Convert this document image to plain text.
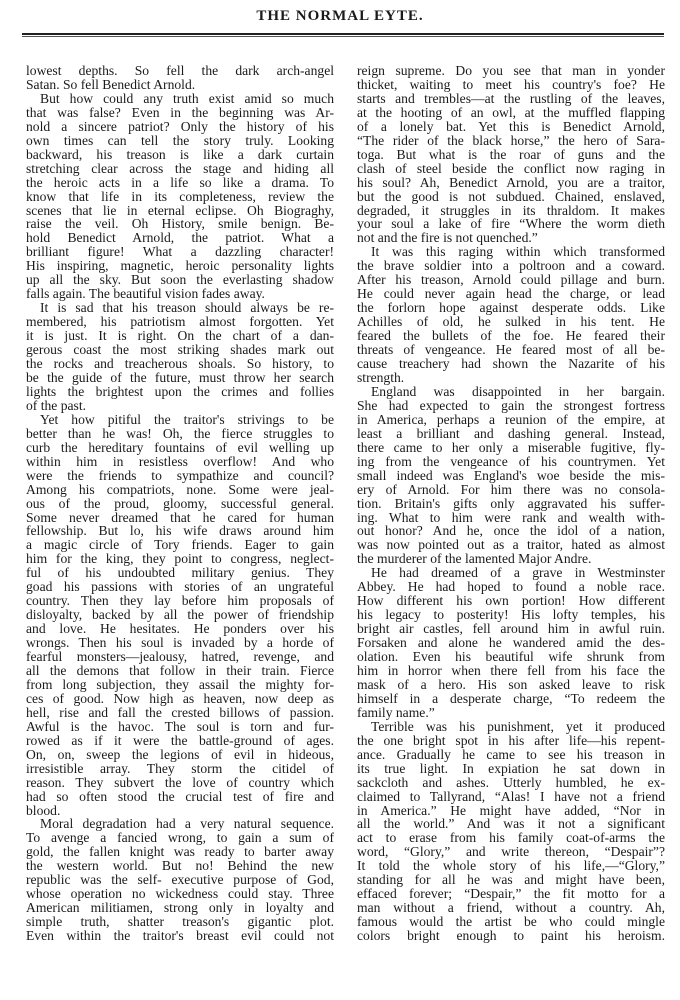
THE NORMAL EYTE.
lowest depths. So fell the dark arch-angel
Satan. So fell Benedict Arnold.
But how could any truth exist amid so much
that was false? Even in the beginning was Ar-
nold a sincere patriot? Only the history of his
own times can tell the story truly. Looking
backward, his treason is like a dark curtain
stretching clear across the stage and hiding all
the heroic acts in a life so like a drama. To
know that life in its completeness, review the
scenes that lie in eternal eclipse. Oh Biograghy,
raise the veil. Oh History, smile benign. Be-
hold Benedict Arnold, the patriot. What a
brilliant figure! What a dazzling character!
His inspiring, magnetic, heroic personality lights
up all the sky. But soon the everlasting shadow
falls again. The beautiful vision fades away.
It is sad that his treason should always be re-
membered, his patriotism almost forgotten. Yet
it is just. It is right. On the chart of a dan-
gerous coast the most striking shades mark out
the rocks and treacherous shoals. So history, to
be the guide of the future, must throw her search
lights the brightest upon the crimes and follies
of the past.
Yet how pitiful the traitor's strivings to be
better than he was! Oh, the fierce struggles to
curb the hereditary fountains of evil welling up
within him in resistless overflow! And who
were the friends to sympathize and council?
Among his compatriots, none. Some were jeal-
ous of the proud, gloomy, successful general.
Some never dreamed that he cared for human
fellowship. But lo, his wife draws around him
a magic circle of Tory friends. Eager to gain
him for the king, they point to congress, neglect-
ful of his undoubted military genius. They
goad his passions with stories of an ungrateful
country. Then they lay before him proposals of
disloyalty, backed by all the power of friendship
and love. He hesitates. He ponders over his
wrongs. Then his soul is invaded by a horde of
fearful monsters—jealousy, hatred, revenge, and
all the demons that follow in their train. Fierce
from long subjection, they assail the mighty for-
ces of good. Now high as heaven, now deep as
hell, rise and fall the crested billows of passion.
Awful is the havoc. The soul is torn and fur-
rowed as if it were the battle-ground of ages.
On, on, sweep the legions of evil in hideous,
irresistible array. They storm the citidel of
reason. They subvert the love of country which
had so often stood the crucial test of fire and
blood.
Moral degradation had a very natural sequence.
To avenge a fancied wrong, to gain a sum of
gold, the fallen knight was ready to barter away
the western world. But no! Behind the new
republic was the self- executive purpose of God,
whose operation no wickedness could stay. Three
American militiamen, strong only in loyalty and
simple truth, shatter treason's gigantic plot.
Even within the traitor's breast evil could not
reign supreme. Do you see that man in yonder
thicket, waiting to meet his country's foe? He
starts and trembles—at the rustling of the leaves,
at the hooting of an owl, at the muffled flapping
of a lonely bat. Yet this is Benedict Arnold,
“The rider of the black horse,” the hero of Sara-
toga. But what is the roar of guns and the
clash of steel beside the conflict now raging in
his soul? Ah, Benedict Arnold, you are a traitor,
but the good is not subdued. Chained, enslaved,
degraded, it struggles in its thraldom. It makes
your soul a lake of fire “Where the worm dieth
not and the fire is not quenched.”
It was this raging within which transformed
the brave soldier into a poltroon and a coward.
After his treason, Arnold could pillage and burn.
He could never again head the charge, or lead
the forlorn hope against desperate odds. Like
Achilles of old, he sulked in his tent. He
feared the bullets of the foe. He feared their
threats of vengeance. He feared most of all be-
cause treachery had shown the Nazarite of his
strength.
England was disappointed in her bargain.
She had expected to gain the strongest fortress
in America, perhaps a reunion of the empire, at
least a brilliant and dashing general. Instead,
there came to her only a miserable fugitive, fly-
ing from the vengeance of his countrymen. Yet
small indeed was England's woe beside the mis-
ery of Arnold. For him there was no consola-
tion. Britain's gifts only aggravated his suffer-
ing. What to him were rank and wealth with-
out honor? And he, once the idol of a nation,
was now pointed out as a traitor, hated as almost
the murderer of the lamented Major Andre.
He had dreamed of a grave in Westminster
Abbey. He had hoped to found a noble race.
How different his own portion! How different
his legacy to posterity! His lofty temples, his
bright air castles, fell around him in awful ruin.
Forsaken and alone he wandered amid the des-
olation. Even his beautiful wife shrunk from
him in horror when there fell from his face the
mask of a hero. His son asked leave to risk
himself in a desperate charge, “To redeem the
family name.”
Terrible was his punishment, yet it produced
the one bright spot in his after life—his repent-
ance. Gradually he came to see his treason in
its true light. In expiation he sat down in
sackcloth and ashes. Utterly humbled, he ex-
claimed to Tallyrand, “Alas! I have not a friend
in America.” He might have added, “Nor in
all the world.” And was it not a significant
act to erase from his family coat-of-arms the
word, “Glory,” and write thereon, “Despair”?
It told the whole story of his life,—“Glory,”
standing for all he was and might have been,
effaced forever; “Despair,” the fit motto for a
man without a friend, without a country. Ah,
famous would the artist be who could mingle
colors bright enough to paint his heroism.
